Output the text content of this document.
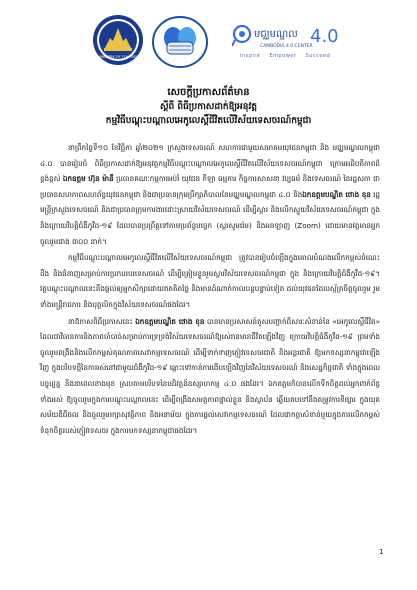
MINISTRY OF TOURISM
មជ្ឈមណ្ឌល 4.0
CAMBODIA 4.0 CENTER
Inspire Empower Succeed
សេចក្តីប្រកាសព័ត៌មាន
ស្តីពី ពិធីប្រកាសដាក់ឱ្យអនុវត្ត
កម្មវិធីបណ្តុះបណ្តាលអេកូលេស្តិ៍ជីវិតលើវិស័យទេសចរណ៍កម្ពុជា

នាព្រឹកថ្ងៃទី១០ ខែវិច្ឆិកា ឆ្នាំ២០២១ ក្រសួងទេសចរណ៍ សហការជាមួយសមាគមយុវជនកម្ពុជា និង មជ្ឈមណ្ឌលកម្ពុជា ៤.០ បានរៀបចំ ពិធីប្រកាសដាក់ឱ្យអនុវត្តកម្មវិធីបណ្តុះបណ្តាលអេកូលេស្តិ៍ជីវិតលើវិស័យទេសចរណ៍កម្ពុជា ក្រោមអធិបតីភាពដ៏ខ្ពង់ខ្ពស់ ឯកឧត្តម ហ៊ុន ម៉ានី ប្រធានគណៈកម្មការអប់រំ យុវជន កីឡា ធម្មការ កិច្ចការសាសនា វប្បធម៌ និងទេសចរណ៍ នៃរដ្ឋសភា ជាប្រធានសហភាពសហព័ន្ធយុវជនកម្ពុជា និងជាប្រធានក្រុមប្រឹក្សាភិបាលនៃមជ្ឈមណ្ឌលកម្ពុជា ៤.០ និងឯកឧត្តមបណ្ឌិត ថោង ខុន រដ្ឋមន្ត្រីក្រសួងទេសចរណ៍ និងជាប្រធានក្រុមការងារដោះស្រាយវិស័យទេសចរណ៍ ដើម្បីស្តារ និងលើកស្ទួយវិស័យទេសចរណ៍កម្ពុជា ក្នុង និងក្រោយវិបត្តិជំងឺកូវីដ-១៩ ដែលបានប្រព្រឹត្តទៅតាមប្រព័ន្ធបច្ចេក (ស្គរសូមរ៉េម) និងអនឡាញ (Zoom) ដោយមានវត្តមានអ្នកចូលរួមជាង ៣០០ នាក់។

កម្មវិធីបណ្តុះបណ្តាលអេកូលេស្តិ៍ជីវិតលើវិស័យទេសចរណ៍កម្ពុជា ត្រូវបានរៀបចំឡើងក្នុងគោលបំណងលើកកម្ពស់ចំណេះដឹង និងជំនាញសម្រាប់ការប្រកបរបរទេសចរណ៍ ដើម្បីត្រៀមខ្លួនរួមស្តារវិស័យទេសចរណ៍កម្ពុជា ក្នុង និងក្រោយវិបត្តិជំងឺកូវីដ-១៩។ វគ្គបណ្តុះបណ្តាលនេះនឹងផ្តល់ឲ្យអ្នកសិក្សាដោយឥតគិតថ្លៃ និងមានដំណាក់កាលបន្តបន្ទាប់ទៀត ដល់យុវជនដែលស្ម័គ្រចិត្តចូលរួម រួមទាំងមន្ត្រីរាជការ និងបុគ្គលិកក្នុងវិស័យទេសចរណ៍ផងដែរ។

នាឱកាសពិធីប្រកាសនេះ ឯកឧត្តមបណ្ឌិត ថោង ខុន បានមានប្រសាសន៍គូសបញ្ជាក់ពីសារៈសំខាន់នៃ «អេកូលេស្តិ៍ជីវិត» ដែលជាវិធានការនិងភាពចាំបាច់សម្រាប់ការទ្រទ្រង់វិស័យទេសចរណ៍ឱ្យរស់រានមានជីវិតឡើងវិញ ក្រោយវិបត្តិជំងឺកូវីដ-១៩ ព្រមទាំងចូលរួមពង្រឹងនិងលើកកម្ពស់គុណភាពសេវាកម្មទេសចរណ៍ ដើម្បីទាក់ទាញភ្ញៀវទេសចរជាតិ និងអន្តរជាតិ ឱ្យមកទស្សនាកម្ពុជាឡើងវិញ ក្នុងបរិបទថ្មីនៃការរស់នៅជាមួយជំងឺកូវីដ-១៩ ឆ្ពោះទៅកាន់ការងើបឡើងវិញនៃវិស័យទេសចរណ៍ និងសេដ្ឋកិច្ចជាតិ ទាំងក្នុងពេលបច្ចុប្បន្ន និងនាពេលខាងមុខ ស្របតាមបរិបទនៃបដិវត្តន៍ឧស្សាហកម្ម ៤.០ ផងដែរ។ ឯកឧត្តមក៏បានលើកទឹកចិត្តដល់អ្នកពាក់ព័ន្ធទាំងអស់ ឱ្យចូលរួមក្នុងការបណ្តុះបណ្តាលនេះ ដើម្បីពង្រឹងសមត្ថភាពផ្ទាល់ខ្លួន និងស្ថាប័ន ឆ្លើយតបទៅនឹងតម្រូវការទីផ្សារ ក្នុងយុគសម័យឌីជីថល និងចូលរួមរក្សាសុវត្ថិភាព និងអនាម័យ ក្នុងការផ្តល់សេវាកម្មទេសចរណ៍ ដែលជាកត្តាសំខាន់មួយក្នុងការលើកកម្ពស់ទំនុកចិត្តរបស់ភ្ញៀវទេសចរ ក្នុងការមកទស្សនាកម្ពុជាផងដែរ។

1
